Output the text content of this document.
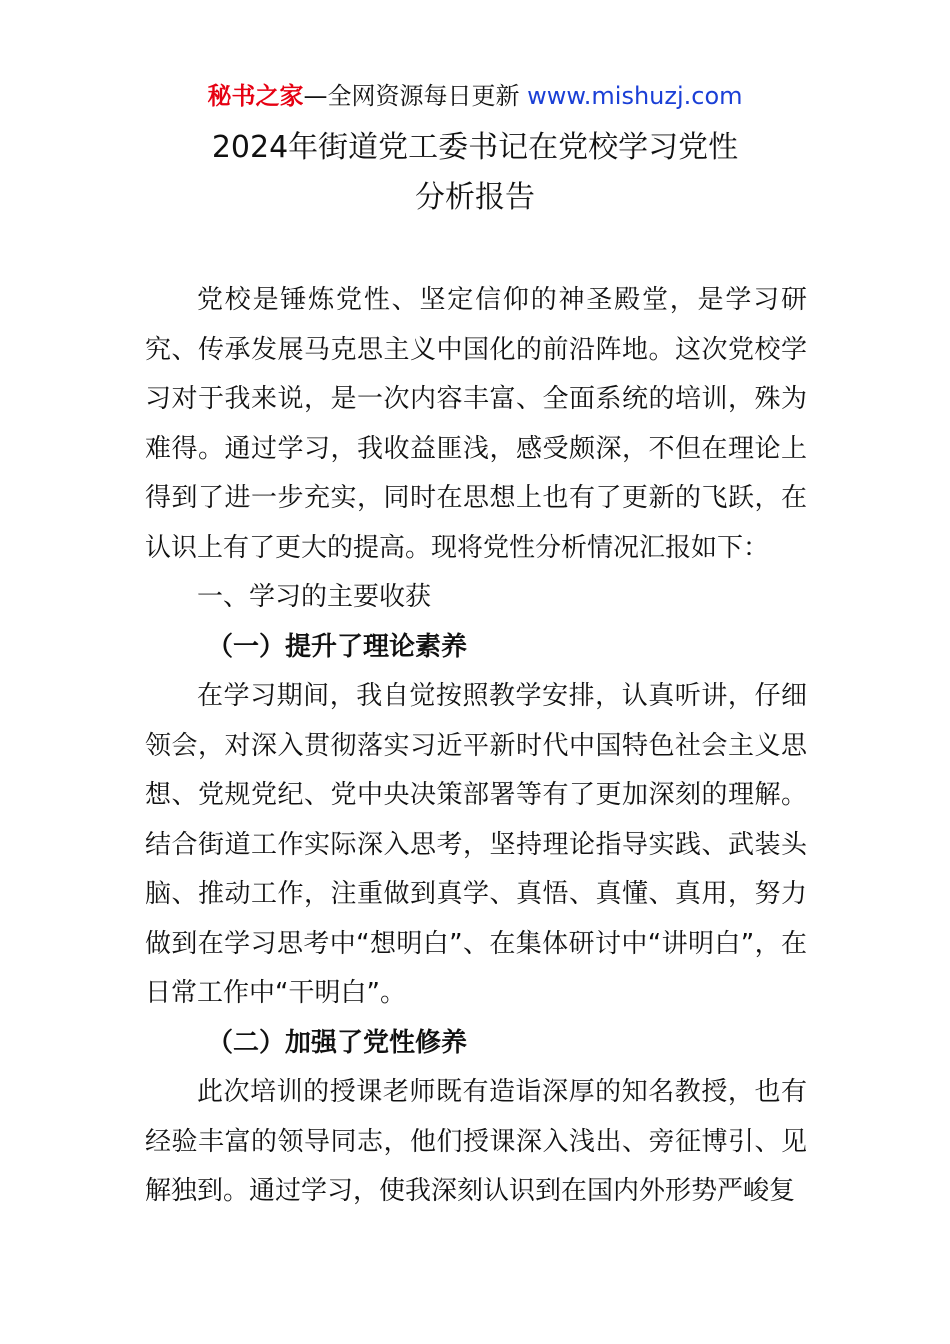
秘书之家—全网资源每日更新 www.mishuzj.com
2024年街道党工委书记在党校学习党性
分析报告

党校是锤炼党性、坚定信仰的神圣殿堂，是学习研究、传承发展马克思主义中国化的前沿阵地。这次党校学习对于我来说，是一次内容丰富、全面系统的培训，殊为难得。通过学习，我收益匪浅，感受颇深，不但在理论上得到了进一步充实，同时在思想上也有了更新的飞跃，在认识上有了更大的提高。现将党性分析情况汇报如下：

一、学习的主要收获

（一）提升了理论素养

在学习期间，我自觉按照教学安排，认真听讲，仔细领会，对深入贯彻落实习近平新时代中国特色社会主义思想、党规党纪、党中央决策部署等有了更加深刻的理解。结合街道工作实际深入思考，坚持理论指导实践、武装头脑、推动工作，注重做到真学、真悟、真懂、真用，努力做到在学习思考中“想明白”、在集体研讨中“讲明白”，在日常工作中“干明白”。

（二）加强了党性修养

此次培训的授课老师既有造诣深厚的知名教授，也有经验丰富的领导同志，他们授课深入浅出、旁征博引、见解独到。通过学习，使我深刻认识到在国内外形势严峻复
